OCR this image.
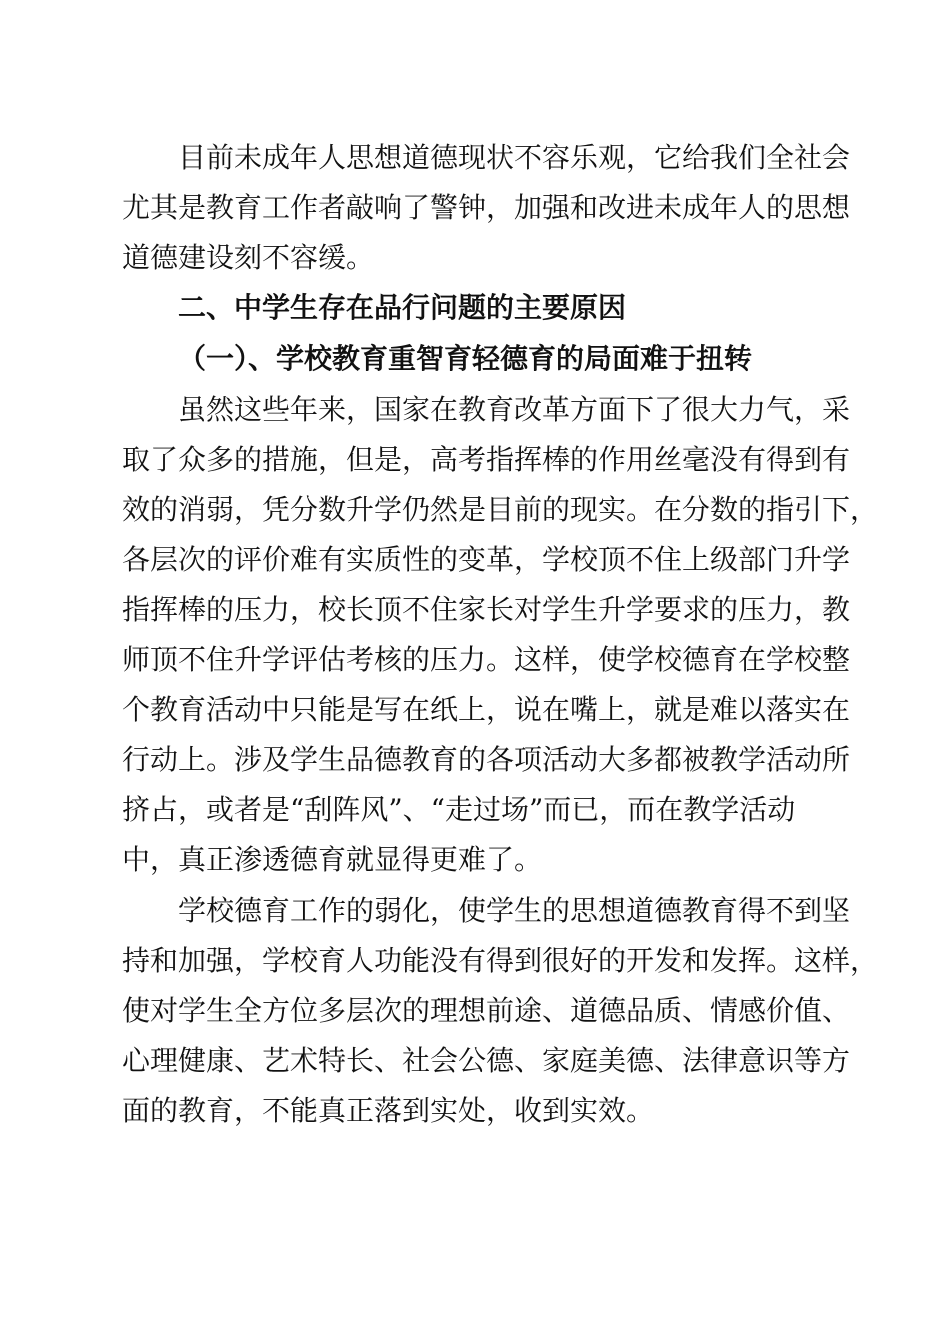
目前未成年人思想道德现状不容乐观，它给我们全社会
尤其是教育工作者敲响了警钟，加强和改进未成年人的思想
道德建设刻不容缓。
二、中学生存在品行问题的主要原因
（一）、学校教育重智育轻德育的局面难于扭转
虽然这些年来，国家在教育改革方面下了很大力气，采
取了众多的措施，但是，高考指挥棒的作用丝毫没有得到有
效的消弱，凭分数升学仍然是目前的现实。在分数的指引下，
各层次的评价难有实质性的变革，学校顶不住上级部门升学
指挥棒的压力，校长顶不住家长对学生升学要求的压力，教
师顶不住升学评估考核的压力。这样，使学校德育在学校整
个教育活动中只能是写在纸上，说在嘴上，就是难以落实在
行动上。涉及学生品德教育的各项活动大多都被教学活动所
挤占，或者是“刮阵风”、“走过场”而已，而在教学活动
中，真正渗透德育就显得更难了。
学校德育工作的弱化，使学生的思想道德教育得不到坚
持和加强，学校育人功能没有得到很好的开发和发挥。这样，
使对学生全方位多层次的理想前途、道德品质、情感价值、
心理健康、艺术特长、社会公德、家庭美德、法律意识等方
面的教育，不能真正落到实处，收到实效。
